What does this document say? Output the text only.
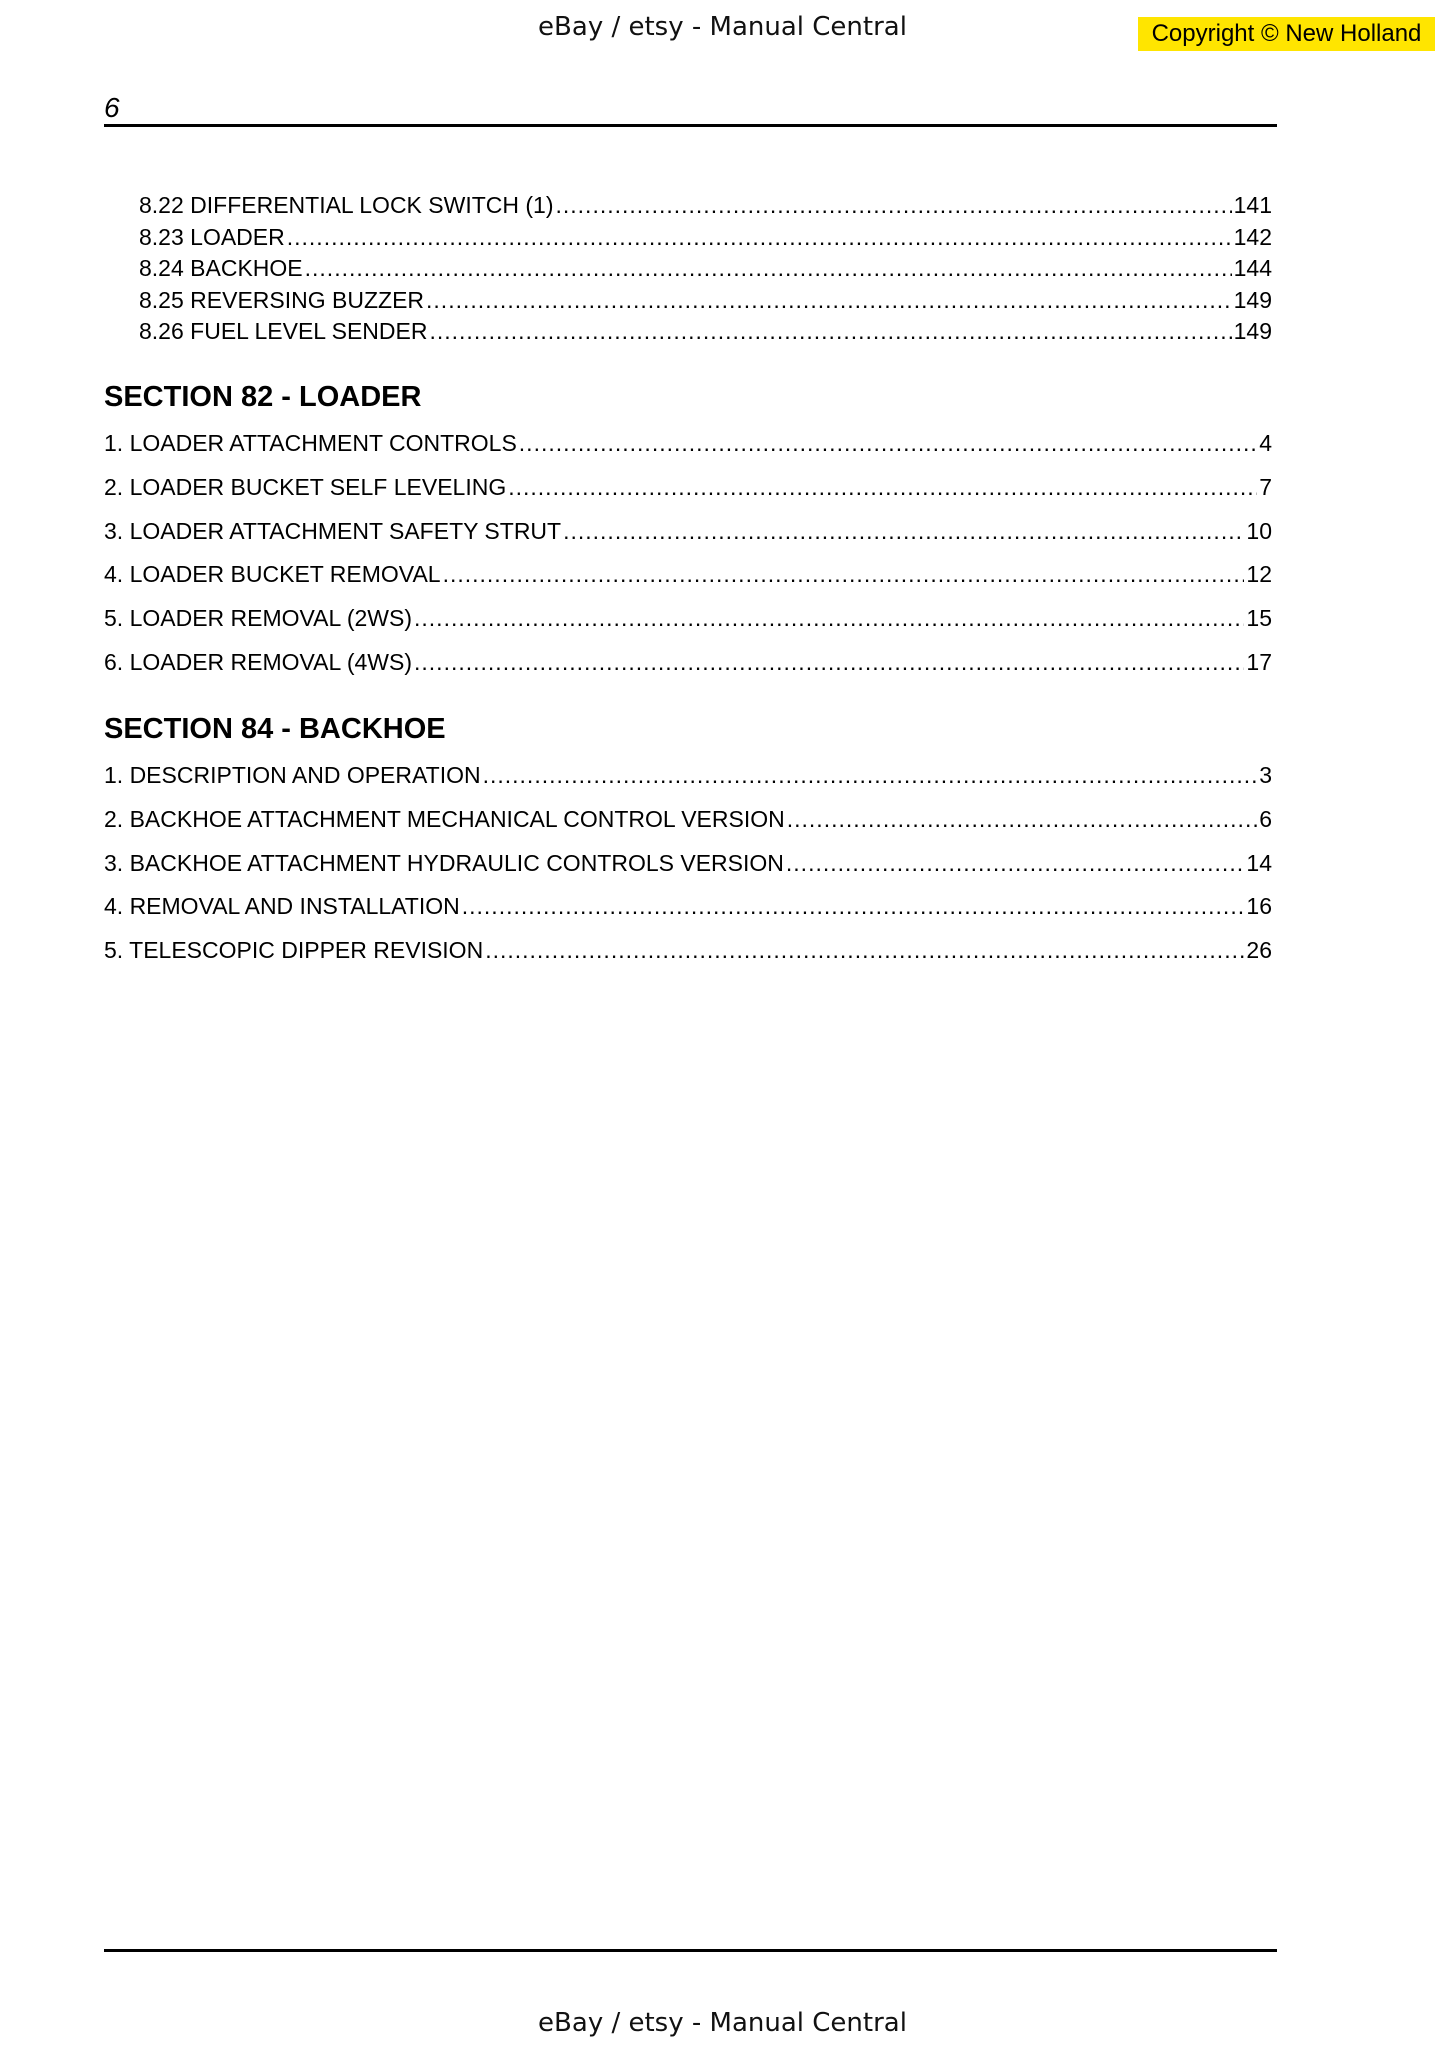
eBay / etsy - Manual Central	Copyright © New Holland
6
8.22 DIFFERENTIAL LOCK SWITCH (1) .....	141
8.23 LOADER .....	142
8.24 BACKHOE .....	144
8.25 REVERSING BUZZER .....	149
8.26 FUEL LEVEL SENDER .....	149
SECTION 82 - LOADER
1. LOADER ATTACHMENT CONTROLS .....	4
2. LOADER BUCKET SELF LEVELING .....	7
3. LOADER ATTACHMENT SAFETY STRUT .....	10
4. LOADER BUCKET REMOVAL .....	12
5. LOADER REMOVAL (2WS) .....	15
6. LOADER REMOVAL (4WS) .....	17
SECTION 84 - BACKHOE
1. DESCRIPTION AND OPERATION .....	3
2. BACKHOE ATTACHMENT MECHANICAL CONTROL VERSION .....	6
3. BACKHOE ATTACHMENT HYDRAULIC CONTROLS VERSION .....	14
4. REMOVAL AND INSTALLATION .....	16
5. TELESCOPIC DIPPER REVISION .....	26
eBay / etsy - Manual Central
